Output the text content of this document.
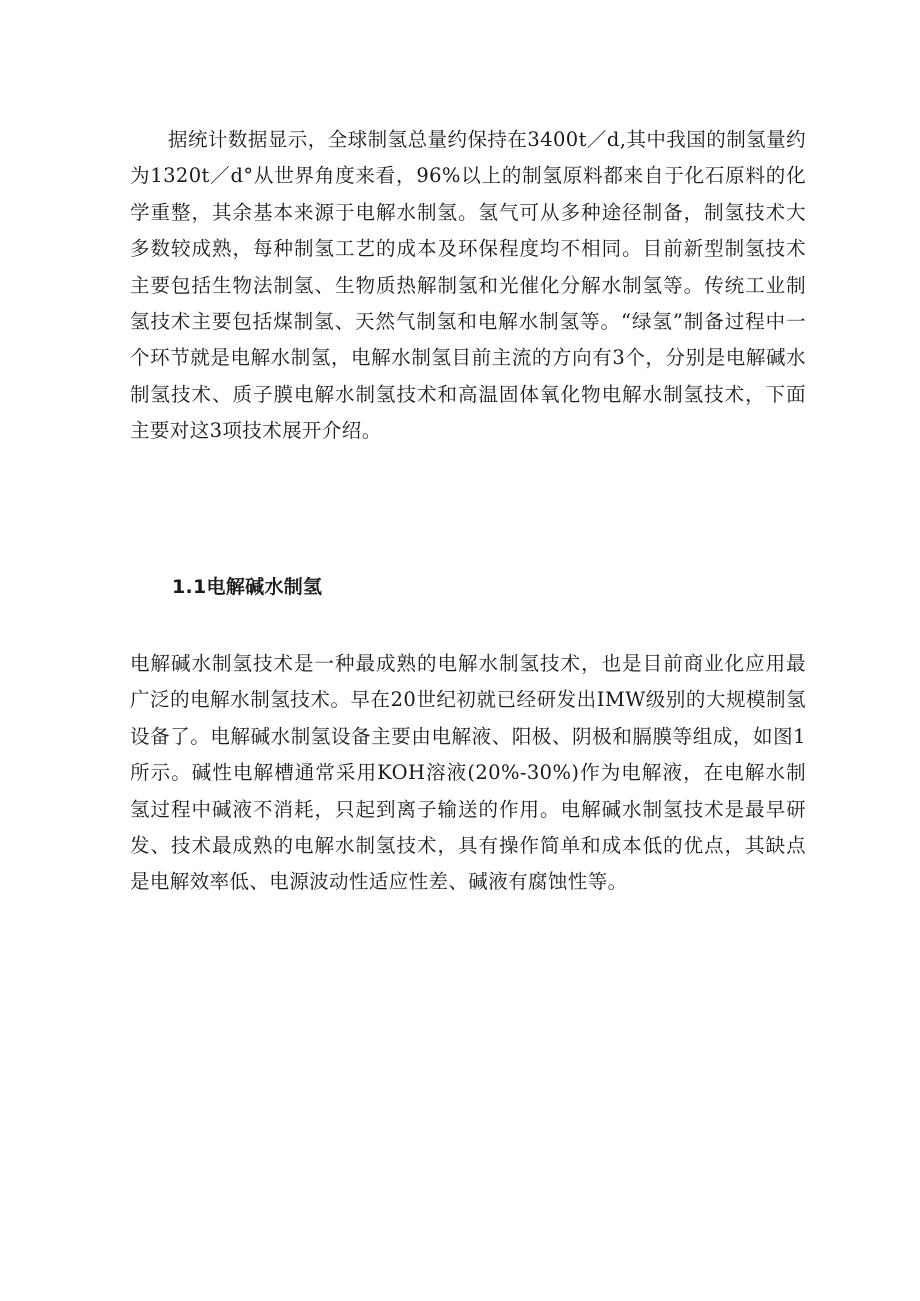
据统计数据显示，全球制氢总量约保持在3400t／d,其中我国的制氢量约为1320t／d°从世界角度来看，96%以上的制氢原料都来自于化石原料的化学重整，其余基本来源于电解水制氢。氢气可从多种途径制备，制氢技术大多数较成熟，每种制氢工艺的成本及环保程度均不相同。目前新型制氢技术主要包括生物法制氢、生物质热解制氢和光催化分解水制氢等。传统工业制氢技术主要包括煤制氢、天然气制氢和电解水制氢等。“绿氢”制备过程中一个环节就是电解水制氢，电解水制氢目前主流的方向有3个，分别是电解碱水制氢技术、质子膜电解水制氢技术和高温固体氧化物电解水制氢技术，下面主要对这3项技术展开介绍。

1.1电解碱水制氢

电解碱水制氢技术是一种最成熟的电解水制氢技术，也是目前商业化应用最广泛的电解水制氢技术。早在20世纪初就已经研发出IMW级别的大规模制氢设备了。电解碱水制氢设备主要由电解液、阳极、阴极和膈膜等组成，如图1所示。碱性电解槽通常采用KOH溶液(20%-30%)作为电解液，在电解水制氢过程中碱液不消耗，只起到离子输送的作用。电解碱水制氢技术是最早研发、技术最成熟的电解水制氢技术，具有操作简单和成本低的优点，其缺点是电解效率低、电源波动性适应性差、碱液有腐蚀性等。
